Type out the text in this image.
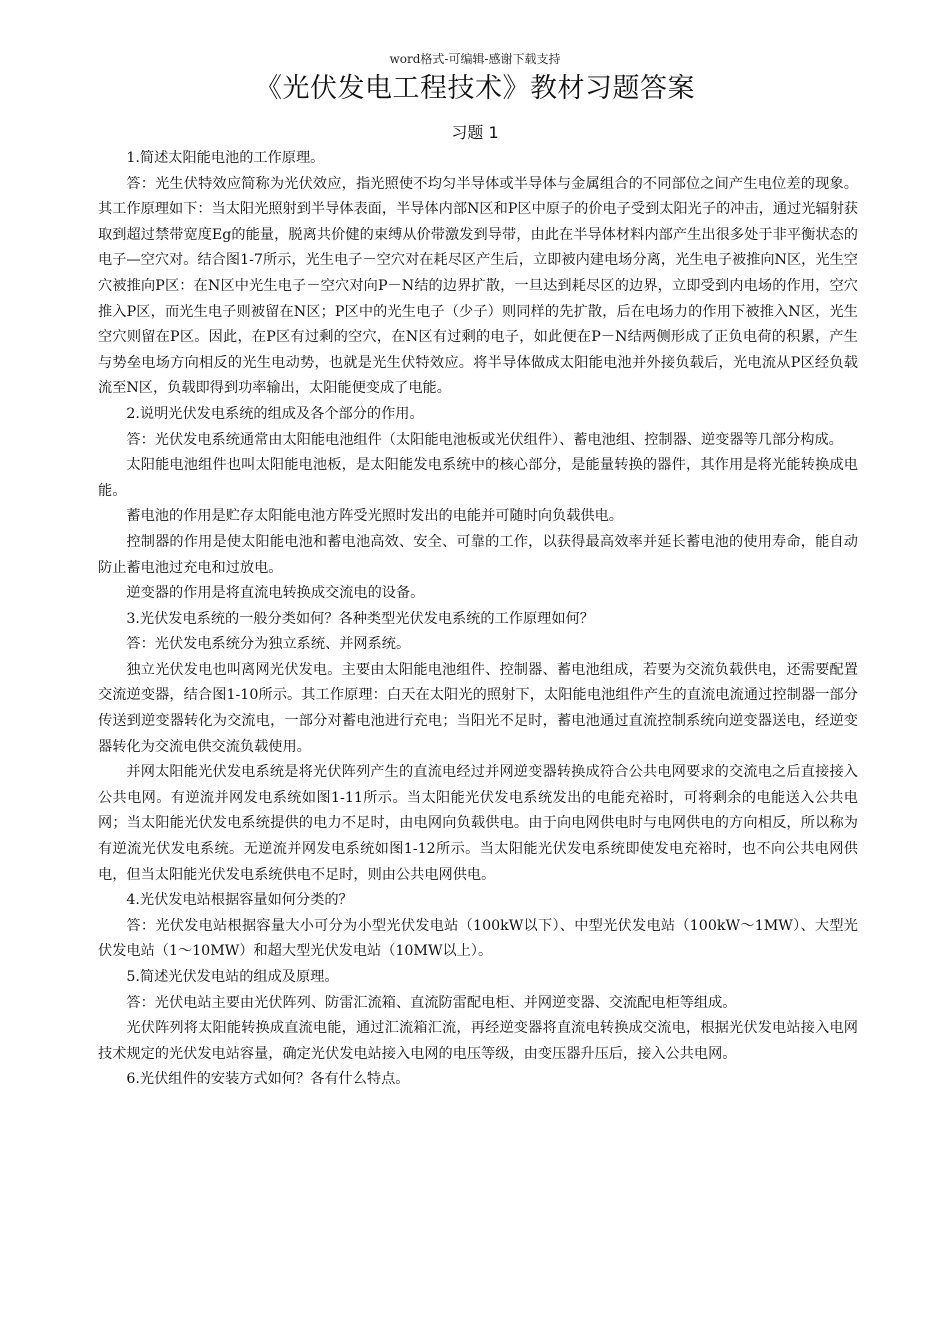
word格式-可编辑-感谢下载支持
《光伏发电工程技术》教材习题答案
习题 1

1.简述太阳能电池的工作原理。

答：光生伏特效应简称为光伏效应，指光照使不均匀半导体或半导体与金属组合的不同部位之间产生电位差的现象。其工作原理如下：当太阳光照射到半导体表面，半导体内部N区和P区中原子的价电子受到太阳光子的冲击，通过光辐射获取到超过禁带宽度Eg的能量，脱离共价健的束缚从价带激发到导带，由此在半导体材料内部产生出很多处于非平衡状态的电子—空穴对。结合图1-7所示，光生电子－空穴对在耗尽区产生后，立即被内建电场分离，光生电子被推向N区，光生空穴被推向P区：在N区中光生电子－空穴对向P－N结的边界扩散，一旦达到耗尽区的边界，立即受到内电场的作用，空穴推入P区，而光生电子则被留在N区；P区中的光生电子（少子）则同样的先扩散，后在电场力的作用下被推入N区，光生空穴则留在P区。因此，在P区有过剩的空穴，在N区有过剩的电子，如此便在P－N结两侧形成了正负电荷的积累，产生与势垒电场方向相反的光生电动势，也就是光生伏特效应。将半导体做成太阳能电池并外接负载后，光电流从P区经负载流至N区，负载即得到功率输出，太阳能便变成了电能。

2.说明光伏发电系统的组成及各个部分的作用。

答：光伏发电系统通常由太阳能电池组件（太阳能电池板或光伏组件）、蓄电池组、控制器、逆变器等几部分构成。

太阳能电池组件也叫太阳能电池板，是太阳能发电系统中的核心部分，是能量转换的器件，其作用是将光能转换成电能。

蓄电池的作用是贮存太阳能电池方阵受光照时发出的电能并可随时向负载供电。

控制器的作用是使太阳能电池和蓄电池高效、安全、可靠的工作，以获得最高效率并延长蓄电池的使用寿命，能自动防止蓄电池过充电和过放电。

逆变器的作用是将直流电转换成交流电的设备。

3.光伏发电系统的一般分类如何？各种类型光伏发电系统的工作原理如何？

答：光伏发电系统分为独立系统、并网系统。

独立光伏发电也叫离网光伏发电。主要由太阳能电池组件、控制器、蓄电池组成，若要为交流负载供电，还需要配置交流逆变器，结合图1-10所示。其工作原理：白天在太阳光的照射下，太阳能电池组件产生的直流电流通过控制器一部分传送到逆变器转化为交流电，一部分对蓄电池进行充电；当阳光不足时，蓄电池通过直流控制系统向逆变器送电，经逆变器转化为交流电供交流负载使用。

并网太阳能光伏发电系统是将光伏阵列产生的直流电经过并网逆变器转换成符合公共电网要求的交流电之后直接接入公共电网。有逆流并网发电系统如图1-11所示。当太阳能光伏发电系统发出的电能充裕时，可将剩余的电能送入公共电网；当太阳能光伏发电系统提供的电力不足时，由电网向负载供电。由于向电网供电时与电网供电的方向相反，所以称为有逆流光伏发电系统。无逆流并网发电系统如图1-12所示。当太阳能光伏发电系统即使发电充裕时，也不向公共电网供电，但当太阳能光伏发电系统供电不足时，则由公共电网供电。

4.光伏发电站根据容量如何分类的？

答：光伏发电站根据容量大小可分为小型光伏发电站（100kW以下）、中型光伏发电站（100kW～1MW）、大型光伏发电站（1～10MW）和超大型光伏发电站（10MW以上）。

5.简述光伏发电站的组成及原理。

答：光伏电站主要由光伏阵列、防雷汇流箱、直流防雷配电柜、并网逆变器、交流配电柜等组成。

光伏阵列将太阳能转换成直流电能，通过汇流箱汇流，再经逆变器将直流电转换成交流电，根据光伏发电站接入电网技术规定的光伏发电站容量，确定光伏发电站接入电网的电压等级，由变压器升压后，接入公共电网。

6.光伏组件的安装方式如何？各有什么特点。
